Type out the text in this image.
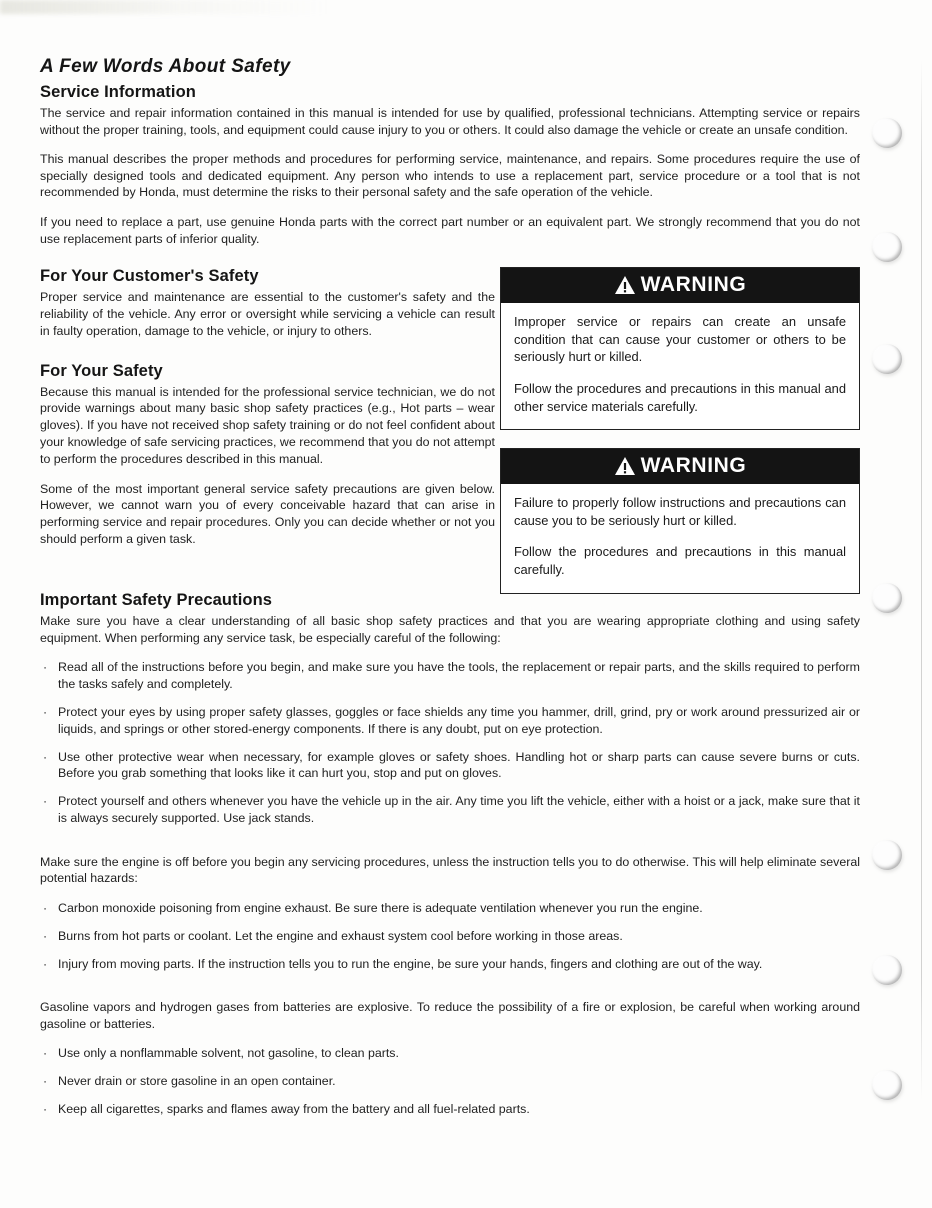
A Few Words About Safety
Service Information

The service and repair information contained in this manual is intended for use by qualified, professional technicians. Attempting service or repairs without the proper training, tools, and equipment could cause injury to you or others. It could also damage the vehicle or create an unsafe condition.

This manual describes the proper methods and procedures for performing service, maintenance, and repairs. Some procedures require the use of specially designed tools and dedicated equipment. Any person who intends to use a replacement part, service procedure or a tool that is not recommended by Honda, must determine the risks to their personal safety and the safe operation of the vehicle.

If you need to replace a part, use genuine Honda parts with the correct part number or an equivalent part. We strongly recommend that you do not use replacement parts of inferior quality.

For Your Customer's Safety

Proper service and maintenance are essential to the customer's safety and the reliability of the vehicle. Any error or oversight while servicing a vehicle can result in faulty operation, damage to the vehicle, or injury to others.

For Your Safety

Because this manual is intended for the professional service technician, we do not provide warnings about many basic shop safety practices (e.g., Hot parts – wear gloves). If you have not received shop safety training or do not feel confident about your knowledge of safe servicing practices, we recommend that you do not attempt to perform the procedures described in this manual.

Some of the most important general service safety precautions are given below. However, we cannot warn you of every conceivable hazard that can arise in performing service and repair procedures. Only you can decide whether or not you should perform a given task.

WARNING

Improper service or repairs can create an unsafe condition that can cause your customer or others to be seriously hurt or killed.

Follow the procedures and precautions in this manual and other service materials carefully.

WARNING

Failure to properly follow instructions and precautions can cause you to be seriously hurt or killed.

Follow the procedures and precautions in this manual carefully.

Important Safety Precautions

Make sure you have a clear understanding of all basic shop safety practices and that you are wearing appropriate clothing and using safety equipment. When performing any service task, be especially careful of the following:

· Read all of the instructions before you begin, and make sure you have the tools, the replacement or repair parts, and the skills required to perform the tasks safely and completely.
· Protect your eyes by using proper safety glasses, goggles or face shields any time you hammer, drill, grind, pry or work around pressurized air or liquids, and springs or other stored-energy components. If there is any doubt, put on eye protection.
· Use other protective wear when necessary, for example gloves or safety shoes. Handling hot or sharp parts can cause severe burns or cuts. Before you grab something that looks like it can hurt you, stop and put on gloves.
· Protect yourself and others whenever you have the vehicle up in the air. Any time you lift the vehicle, either with a hoist or a jack, make sure that it is always securely supported. Use jack stands.

Make sure the engine is off before you begin any servicing procedures, unless the instruction tells you to do otherwise. This will help eliminate several potential hazards:

· Carbon monoxide poisoning from engine exhaust. Be sure there is adequate ventilation whenever you run the engine.
· Burns from hot parts or coolant. Let the engine and exhaust system cool before working in those areas.
· Injury from moving parts. If the instruction tells you to run the engine, be sure your hands, fingers and clothing are out of the way.

Gasoline vapors and hydrogen gases from batteries are explosive. To reduce the possibility of a fire or explosion, be careful when working around gasoline or batteries.

· Use only a nonflammable solvent, not gasoline, to clean parts.
· Never drain or store gasoline in an open container.
· Keep all cigarettes, sparks and flames away from the battery and all fuel-related parts.
